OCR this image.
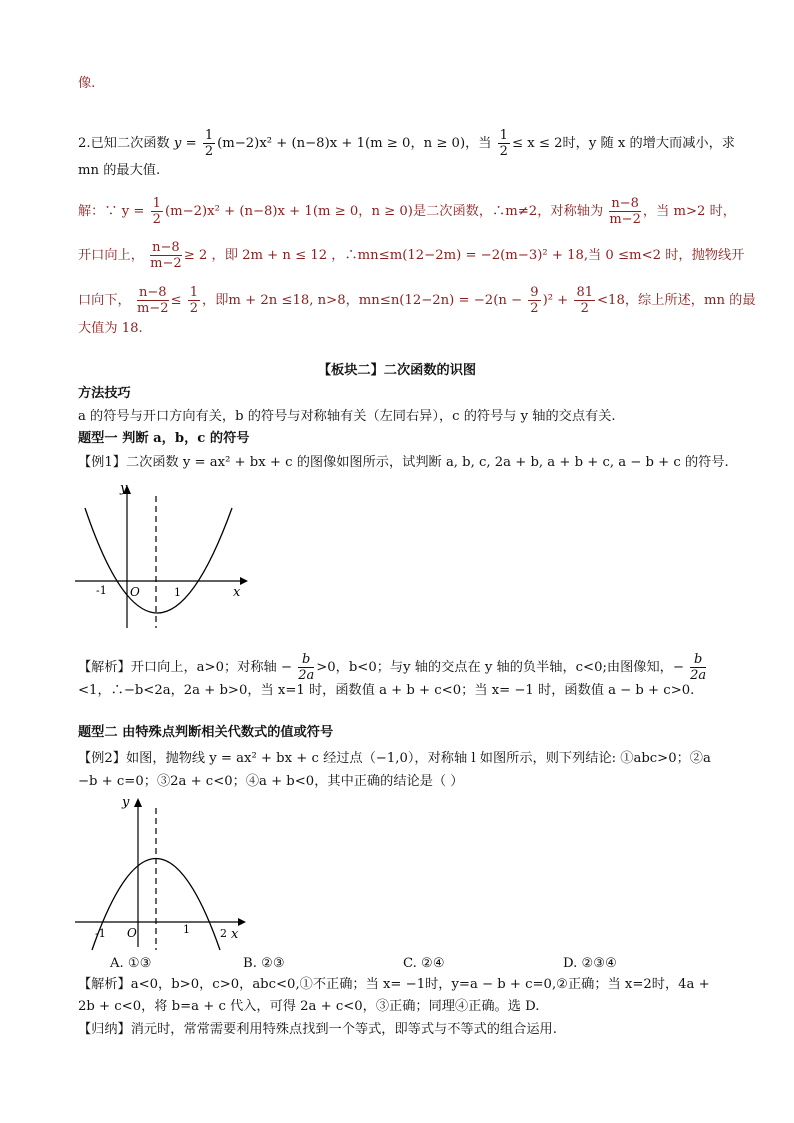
像.
2.已知二次函数 $y = \frac{1}{2} (m-2)x^2 + (n-8)x + 1(m \ge 0$，n ≥ 0)，当 $\frac{1}{2} \le x \le 2$时，y 随 x 的增大而减小，求
mn 的最大值.
解：∵ $y = \frac{1}{2} (m-2)x^2 + (n-8)x + 1(m \ge 0$，n ≥ 0)是二次函数，∴m≠2，对称轴为 $\frac{n-8}{m-2}$ ，当 m>2 时，
开口向上， $\frac{n-8}{m-2} \ge 2$ ，即 2m + n ≤ 12 ，∴mn≤m(12−2m) = −2(m−3)² + 18,当 0 ≤m<2 时，抛物线开
口向下， $\frac{n-8}{m-2} \le \frac{1}{2}$ ，即m + 2n ≤18, n>8，$mn\le n(12-2n) = -2(n - \frac{9}{2} )^2 + \frac{81}{2} <18$，综上所述，mn 的最
大值为 18.
【板块二】二次函数的识图
方法技巧
a 的符号与开口方向有关，b 的符号与对称轴有关（左同右异），c 的符号与 y 轴的交点有关.
题型一 判断 a，b，c 的符号
【例1】二次函数 y = ax² + bx + c 的图像如图所示，试判断 a, b, c, 2a + b, a + b + c, a − b + c 的符号.
y
x
O
-1	1
【解析】开口向上，a>0；对称轴 − $\frac{b}{2a} >0$，b<0；与y 轴的交点在 y 轴的负半轴，c<0;由图像知，− $\frac{b}{2a}$
<1，∴−b<2a，2a + b>0，当 x=1 时，函数值 a + b + c<0；当 x= −1 时，函数值 a − b + c>0.
题型二 由特殊点判断相关代数式的值或符号
【例2】如图，抛物线 y = ax² + bx + c 经过点（−1,0），对称轴 l 如图所示，则下列结论: ①abc>0；②a
−b + c=0；③2a + c<0；④a + b<0，其中正确的结论是（ ）
y
x
O
-1	1	2
A. ①③	B. ②③	C. ②④	D. ②③④
【解析】a<0，b>0，c>0，abc<0,①不正确；当 x= −1时，y=a − b + c=0,②正确；当 x=2时，4a +
2b + c<0，将 b=a + c 代入，可得 2a + c<0，③正确；同理④正确。选 D.
【归纳】消元时，常常需要利用特殊点找到一个等式，即等式与不等式的组合运用.
